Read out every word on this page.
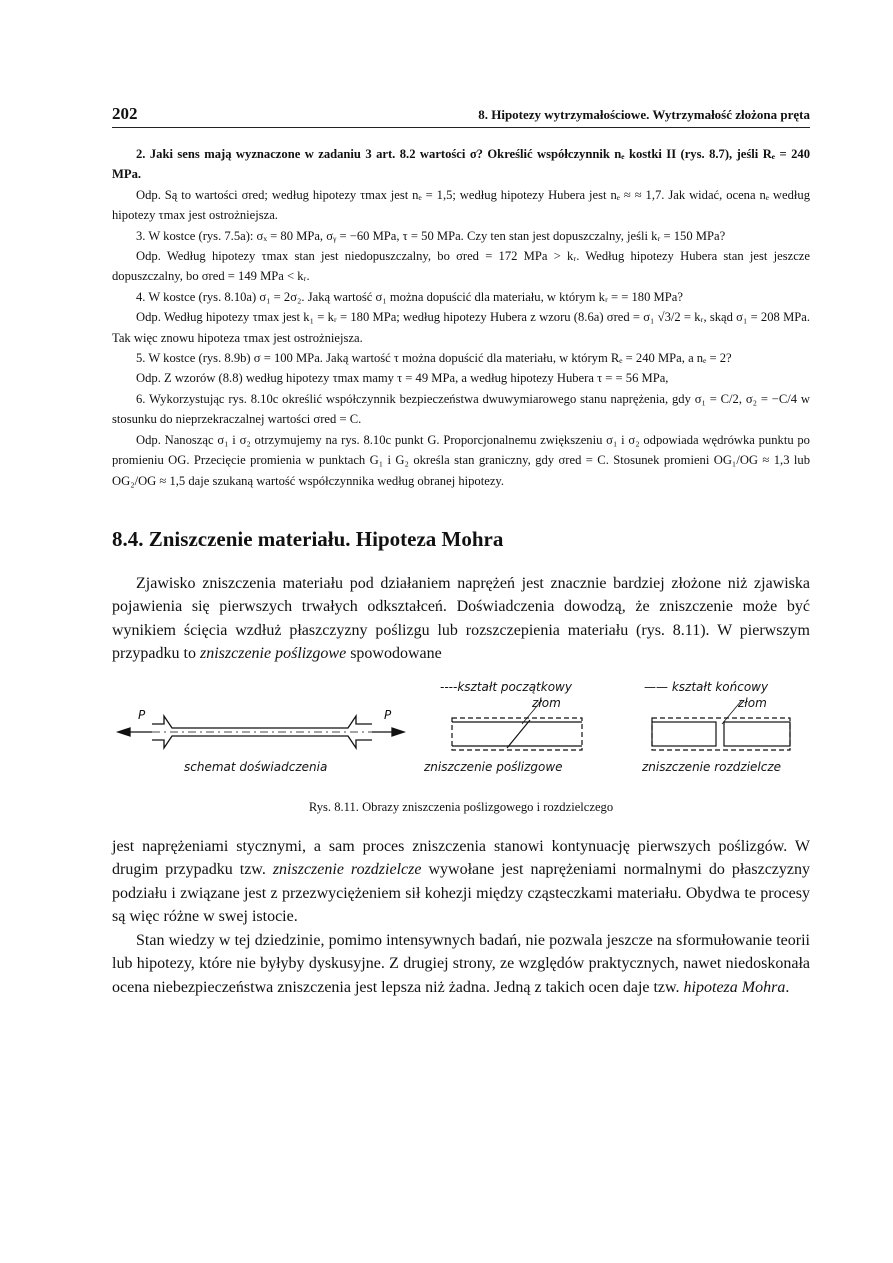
202	8. Hipotezy wytrzymałościowe. Wytrzymałość złożona pręta

2. Jaki sens mają wyznaczone w zadaniu 3 art. 8.2 wartości σ? Określić współczynnik nₑ kostki II (rys. 8.7), jeśli Rₑ = 240 MPa.

Odp. Są to wartości σred; według hipotezy τmax jest nₑ = 1,5; według hipotezy Hubera jest nₑ ≈ ≈ 1,7. Jak widać, ocena nₑ według hipotezy τmax jest ostrożniejsza.

3. W kostce (rys. 7.5a): σₓ = 80 MPa, σᵧ = −60 MPa, τ = 50 MPa. Czy ten stan jest dopuszczalny, jeśli kᵣ = 150 MPa?

Odp. Według hipotezy τmax stan jest niedopuszczalny, bo σred = 172 MPa > kᵣ. Według hipotezy Hubera stan jest jeszcze dopuszczalny, bo σred = 149 MPa < kᵣ.

4. W kostce (rys. 8.10a) σ₁ = 2σ₂. Jaką wartość σ₁ można dopuścić dla materiału, w którym kᵣ = = 180 MPa?

Odp. Według hipotezy τmax jest k₁ = kᵣ = 180 MPa; według hipotezy Hubera z wzoru (8.6a) σred = σ₁ √3/2 = kᵣ, skąd σ₁ = 208 MPa. Tak więc znowu hipoteza τmax jest ostrożniejsza.

5. W kostce (rys. 8.9b) σ = 100 MPa. Jaką wartość τ można dopuścić dla materiału, w którym Rₑ = 240 MPa, a nₑ = 2?

Odp. Z wzorów (8.8) według hipotezy τmax mamy τ = 49 MPa, a według hipotezy Hubera τ = = 56 MPa,

6. Wykorzystując rys. 8.10c określić współczynnik bezpieczeństwa dwuwymiarowego stanu naprężenia, gdy σ₁ = C/2, σ₂ = −C/4 w stosunku do nieprzekraczalnej wartości σred = C.

Odp. Nanosząc σ₁ i σ₂ otrzymujemy na rys. 8.10c punkt G. Proporcjonalnemu zwiększeniu σ₁ i σ₂ odpowiada wędrówka punktu po promieniu OG. Przecięcie promienia w punktach G₁ i G₂ określa stan graniczny, gdy σred = C. Stosunek promieni OG₁/OG ≈ 1,3 lub OG₂/OG ≈ 1,5 daje szukaną wartość współczynnika według obranej hipotezy.

8.4. Zniszczenie materiału. Hipoteza Mohra

Zjawisko zniszczenia materiału pod działaniem naprężeń jest znacznie bardziej złożone niż zjawiska pojawienia się pierwszych trwałych odkształceń. Doświadczenia dowodzą, że zniszczenie może być wynikiem ścięcia wzdłuż płaszczyzny poślizgu lub rozszczepienia materiału (rys. 8.11). W pierwszym przypadku to zniszczenie poślizgowe spowodowane

----kształt początkowy	—— kształt końcowy
złom	złom
P	P
schemat doświadczenia	zniszczenie poślizgowe	zniszczenie rozdzielcze
Rys. 8.11. Obrazy zniszczenia poślizgowego i rozdzielczego

jest naprężeniami stycznymi, a sam proces zniszczenia stanowi kontynuację pierwszych poślizgów. W drugim przypadku tzw. zniszczenie rozdzielcze wywołane jest naprężeniami normalnymi do płaszczyzny podziału i związane jest z przezwyciężeniem sił kohezji między cząsteczkami materiału. Obydwa te procesy są więc różne w swej istocie.

Stan wiedzy w tej dziedzinie, pomimo intensywnych badań, nie pozwala jeszcze na sformułowanie teorii lub hipotezy, które nie byłyby dyskusyjne. Z drugiej strony, ze względów praktycznych, nawet niedoskonała ocena niebezpieczeństwa zniszczenia jest lepsza niż żadna. Jedną z takich ocen daje tzw. hipoteza Mohra.
